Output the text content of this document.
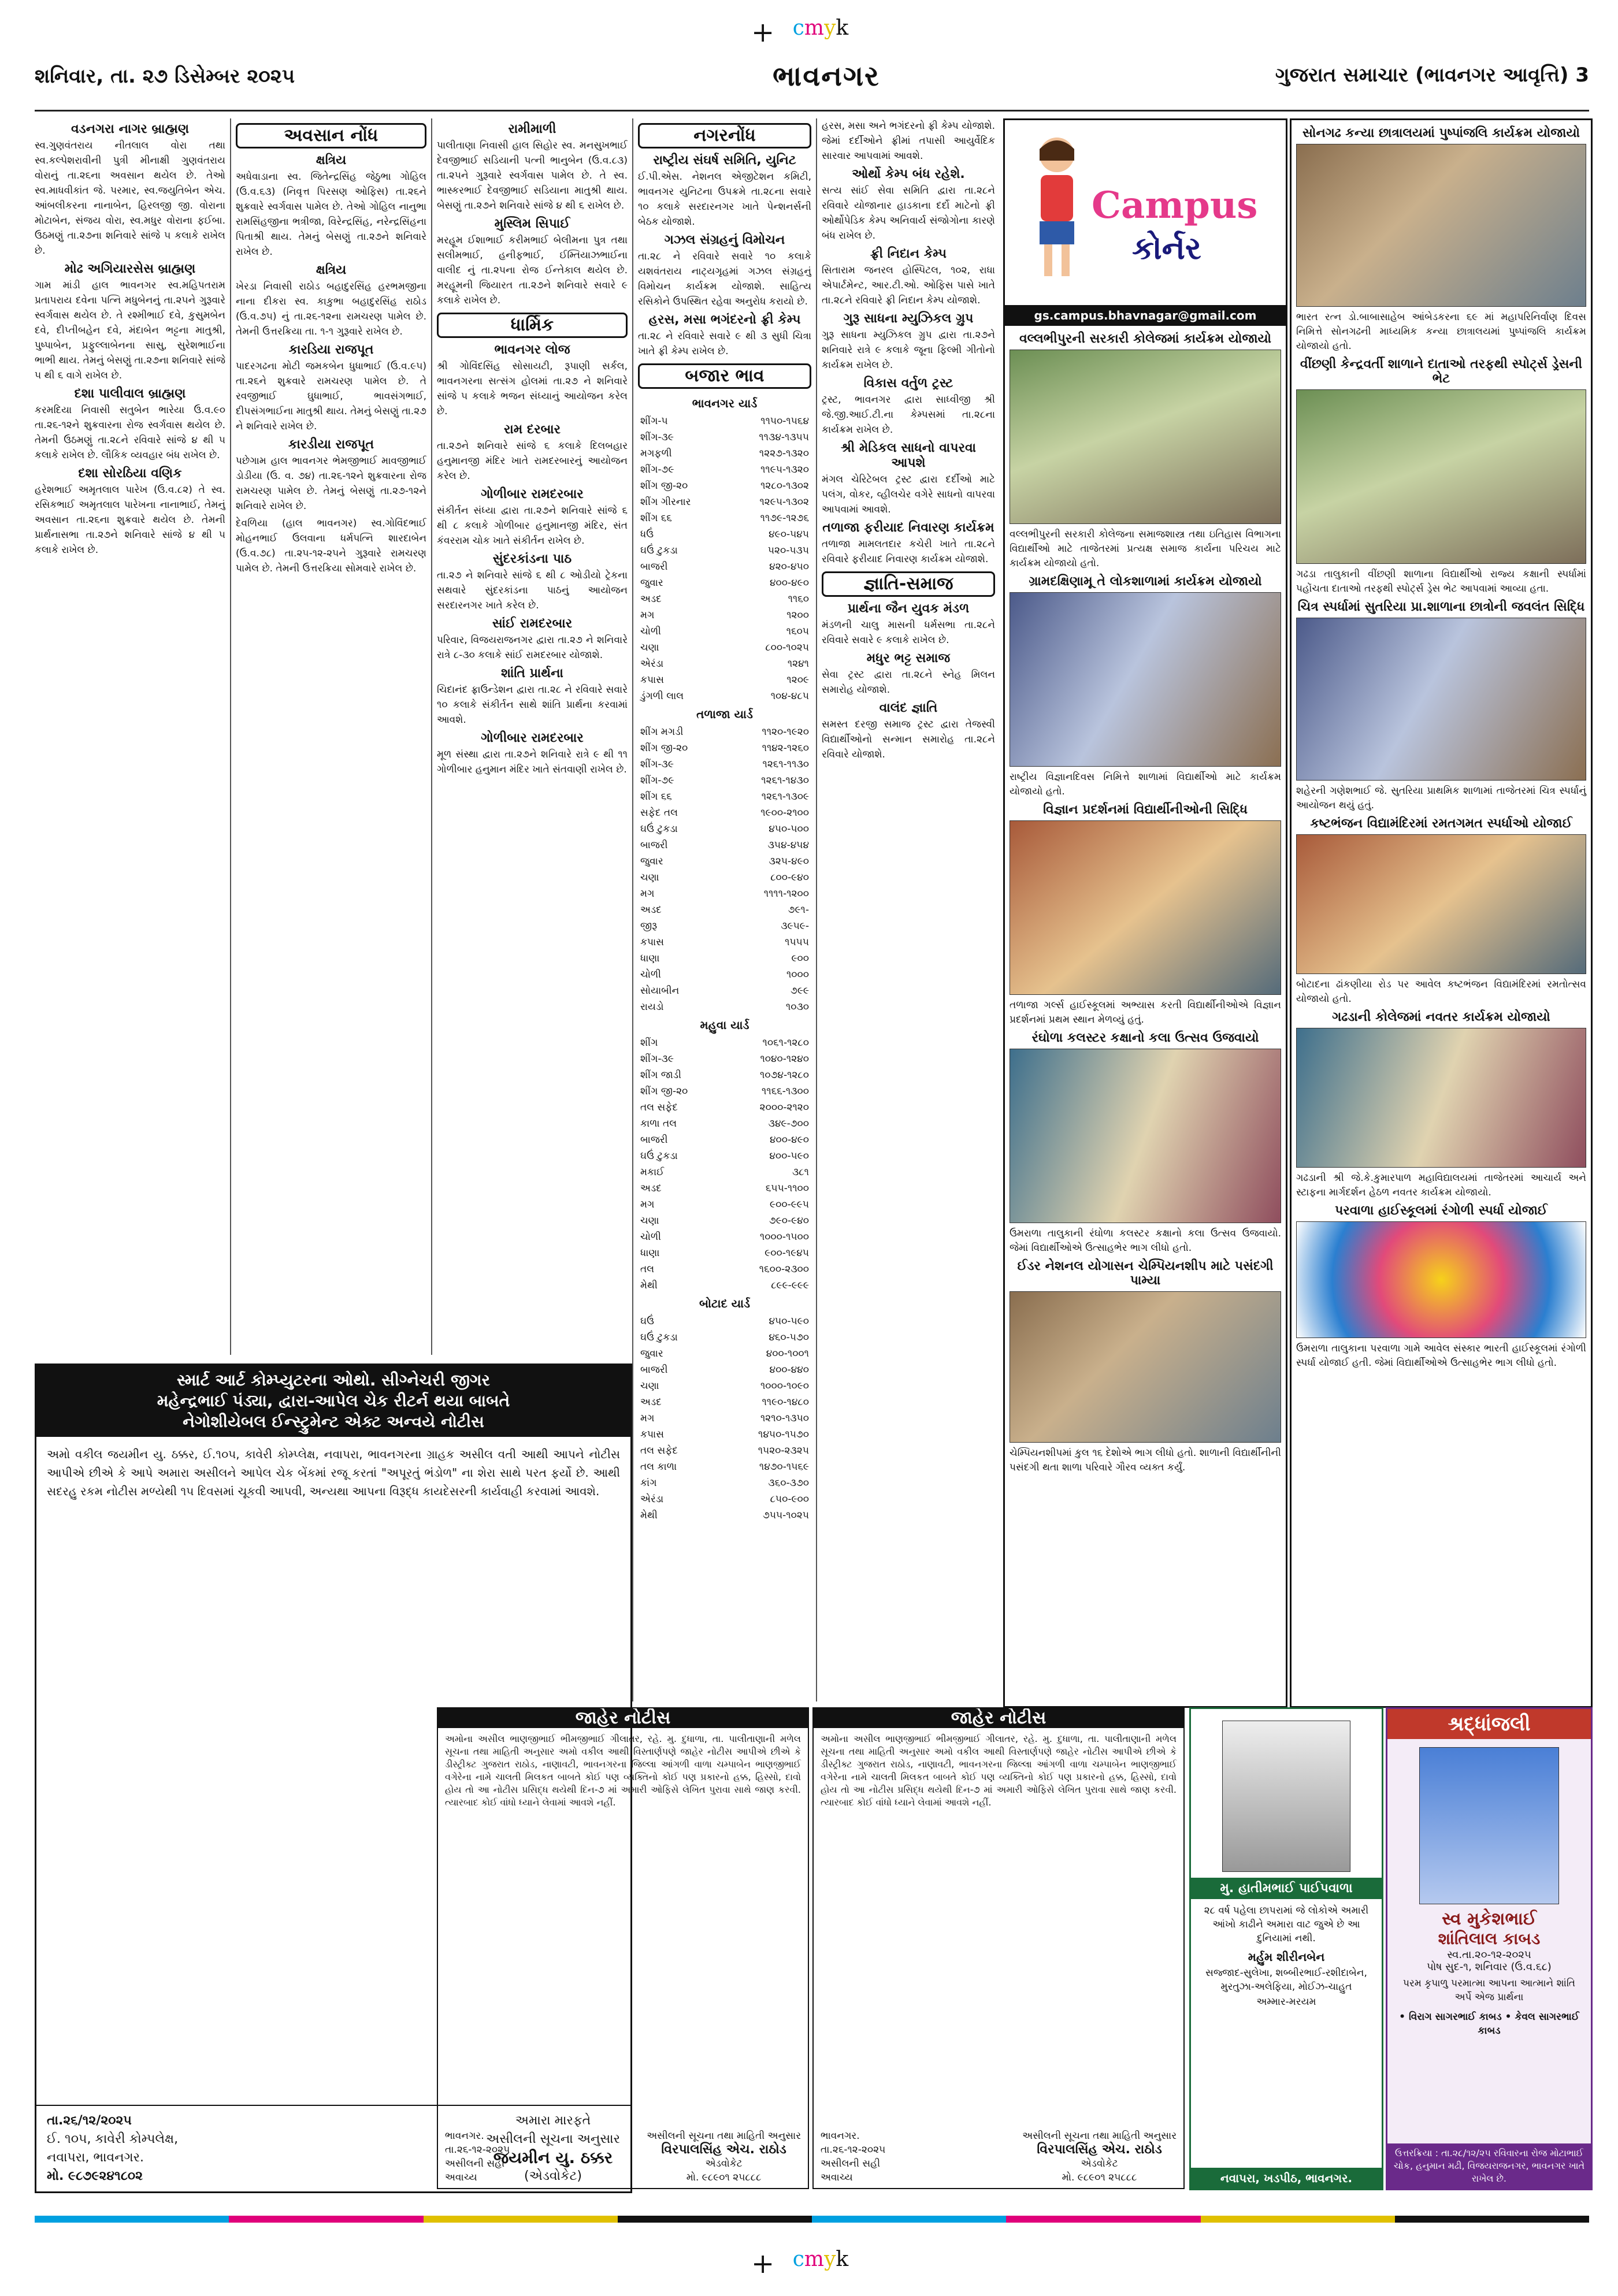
+ cmyk
શનિવાર, તા. ૨૭ ડિસેમ્બર ૨૦૨૫	ભાવનગર	ગુજરાત સમાચાર (ભાવનગર આવૃત્તિ) 3
વડનગરા નાગર બ્રાહ્મણ

સ્વ.ગુણવંતરાય નીતલાલ વોરા તથા સ્વ.કલ્પેશરાવીની પુત્રી મીનાક્ષી ગુણવંતરાય વોરાનું તા.૨૬ના અવસાન થયેલ છે. તેઓ સ્વ.માધવીકાંત જે. પરમાર, સ્વ.જયુતિબેન એચ. આંબલીકરના નાનાબેન, હિરલજી જી. વોરાના મોટાબેન, સંજય વોરા, સ્વ.મધુર વોરાના ફઈબા. ઉઠમણું તા.૨૭ના શનિવારે સાંજે ૫ કલાકે રાખેલ છે.

મોઢ અગિયારસેસ બ્રાહ્મણ

ગામ માંડી હાલ ભાવનગર સ્વ.મહિપતરામ પ્રતાપરાય દવેના પત્નિ મધુબેનનું તા.૨૫ને ગુરૂવારે સ્વર્ગવાસ થયેલ છે. તે રશ્મીભાઈ દવે, કુસુમબેન દવે, દીપ્તીબહેન દવે, મંદાબેન ભટ્ટના માતુશ્રી, પુષ્પાબેન, પ્રફુલ્લાબેનના સાસુ, સુરેશભાઈના ભાભી થાય. તેમનું બેસણું તા.૨૭ના શનિવારે સાંજે ૫ થી ૬ વાગે રાખેલ છે.

દશા પાલીવાલ બ્રાહ્મણ

કરમદિયા નિવાસી સતુબેન ભારેયા ઉ.વ.૯૦ તા.૨૬-૧૨ને શુક્રવારના રોજ સ્વર્ગવાસ થયેલ છે. તેમની ઉઠમણું તા.૨૮ને રવિવારે સાંજે ૪ થી ૫ કલાકે રાખેલ છે. લૌકિક વ્યવહાર બંધ રાખેલ છે.

દશા સોરઠિયા વણિક

હરેશભાઈ અમૃતલાલ પારેખ (ઉ.વ.૮૨) તે સ્વ. રસિકભાઈ અમૃતલાલ પારેખના નાનાભાઈ, તેમનું અવસાન તા.૨૬ના શુક્રવારે થયેલ છે. તેમની પ્રાર્થનાસભા તા.૨૭ને શનિવારે સાંજે ૪ થી ૫ કલાકે રાખેલ છે.

અવસાન નોંધ
ક્ષત્રિય

અધેવાડાના સ્વ. જિતેન્દ્રસિંહ જેઠુભા ગોહિલ (ઉ.વ.૬૩) (નિવૃત્ત પિરસણ ઓફિસ) તા.૨૬ને શુક્રવારે સ્વર્ગવાસ પામેલ છે. તેઓ ગોહિલ નાનુભા રામસિંહજીના ભત્રીજા, વિરેન્દ્રસિંહ, નરેન્દ્રસિંહના પિતાશ્રી થાય. તેમનું બેસણું તા.૨૭ને શનિવારે રાખેલ છે.

ક્ષત્રિય

ખેરડા નિવાસી રાઠોડ બહાદુરસિંહ હરભમજીના નાના દીકરા સ્વ. કાકુભા બહાદુરસિંહ રાઠોડ (ઉ.વ.૭૫) નું તા.૨૬-૧૨ના રામચરણ પામેલ છે. તેમની ઉત્તરક્રિયા તા. ૧-૧ ગુરૂવારે રાખેલ છે.

કારડિયા રાજપૂત

પાદરગઢના મોટી જમકબેન ધુધાભાઈ (ઉ.વ.૯૫) તા.૨૬ને શુક્રવારે રામચરણ પામેલ છે. તે રવજીભાઈ ઘુધાભાઈ, ભાવસંગભાઈ, દીપસંગભાઈના માતુશ્રી થાય. તેમનું બેસણું તા.૨૭ ને શનિવારે રાખેલ છે.

કારડીયા રાજપૂત

પછેગામ હાલ ભાવનગર ભેમજીભાઈ માવજીભાઈ ડોડીયા (ઉ. વ. ૭૪) તા.૨૬-૧૨ને શુક્રવારના રોજ રામચરણ પામેલ છે. તેમનું બેસણું તા.૨૭-૧૨ને શનિવારે રાખેલ છે.

દેવળિયા (હાલ ભાવનગર) સ્વ.ગોવિંદભાઈ મોહનભાઈ ઉલવાના ધર્મપત્નિ શારદાબેન (ઉ.વ.૭૮) તા.૨૫-૧૨-૨૫ને ગુરૂવારે રામચરણ પામેલ છે. તેમની ઉત્તરક્રિયા સોમવારે રાખેલ છે.

રામીમાળી

પાલીતાણા નિવાસી હાલ સિહોર સ્વ. મનસુખભાઈ દેવજીભાઈ સડિયાની પત્ની ભાનુબેન (ઉ.વ.૮૩) તા.૨૫ને ગુરૂવારે સ્વર્ગવાસ પામેલ છે. તે સ્વ. ભાસ્કરભાઈ દેવજીભાઈ સડિયાના માતુશ્રી થાય. બેસણું તા.૨૭ને શનિવારે સાંજે ૪ થી ૬ રાખેલ છે.

મુસ્લિમ સિપાઈ

મરહૂમ ઈશાભાઈ કરીમભાઈ બેલીમના પુત્ર તથા સલીમભાઈ, હનીફભાઈ, ઈમ્તિયાઝભાઈના વાલીદ નું તા.૨૫ના રોજ ઈન્તેકાલ થયેલ છે. મરહૂમની જિયારત તા.૨૭ને શનિવારે સવારે ૯ કલાકે રાખેલ છે.

ધાર્મિક
ભાવનગર લોજ

શ્રી ગોવિંદસિંહ સોસાયટી, રૂપાણી સર્કલ, ભાવનગરના સત્સંગ હોલમાં તા.૨૭ ને શનિવારે સાંજે ૫ કલાકે ભજન સંધ્યાનું આયોજન કરેલ છે.

રામ દરબાર

તા.૨૭ને શનિવારે સાંજે ૬ કલાકે દિલબહાર હનુમાનજી મંદિર ખાતે રામદરબારનું આયોજન કરેલ છે.

ગોળીબાર રામદરબાર

સંકીર્તન સંધ્યા દ્વારા તા.૨૭ને શનિવારે સાંજે ૬ થી ૮ કલાકે ગોળીબાર હનુમાનજી મંદિર, સંત કંવરરામ ચોક ખાતે સંકીર્તન રાખેલ છે.

સુંદરકાંડના પાઠ

તા.૨૭ ને શનિવારે સાંજે ૬ થી ૮ ઓડીયો ટ્રેકના સથવારે સુંદરકાંડના પાઠનું આયોજન સરદારનગર ખાતે કરેલ છે.

સાંઈ રામદરબાર

પરિવાર, વિજયરાજનગર દ્વારા તા.૨૭ ને શનિવારે રાત્રે ૮-૩૦ કલાકે સાંઈ રામદરબાર યોજાશે.

શાંતિ પ્રાર્થના

ચિદાનંદ ફ્રાઉન્ડેશન દ્વારા તા.૨૮ ને રવિવારે સવારે ૧૦ કલાકે સંકીર્તન સાથે શાંતિ પ્રાર્થના કરવામાં આવશે.

ગોળીબાર રામદરબાર

મૂળ સંસ્થા દ્વારા તા.૨૭ને શનિવારે રાત્રે ૯ થી ૧૧ ગોળીબાર હનુમાન મંદિર ખાતે સંતવાણી રાખેલ છે.

નગરનોંધ
રાષ્ટ્રીય સંઘર્ષ સમિતિ, યુનિટ

ઈ.પી.એસ. નેશનલ એજીટેશન કમિટી, ભાવનગર યુનિટના ઉપક્રમે તા.૨૮ના સવારે ૧૦ કલાકે સરદારનગર ખાતે પેન્શનર્સની બેઠક યોજાશે.

ગઝલ સંગ્રહનું વિમોચન

તા.૨૮ ને રવિવારે સવારે ૧૦ કલાકે યશવંતરાય નાટ્યગૃહમાં ગઝલ સંગ્રહનું વિમોચન કાર્યક્રમ યોજાશે. સાહિત્ય રસિકોને ઉપસ્થિત રહેવા અનુરોધ કરાયો છે.

હરસ, મસા ભગંદરનો ફ્રી કેમ્પ

તા.૨૮ ને રવિવારે સવારે ૯ થી ૩ સુધી ચિત્રા ખાતે ફ્રી કેમ્પ રાખેલ છે.

બજાર ભાવ
ભાવનગર યાર્ડ
શીંગ-૫	૧૧૫૦-૧૫૬૪
શીંગ-૩૯	૧૧૩૪-૧૩૫૫
મગફળી	૧૨૨૭-૧૩૨૦
શીંગ-૭૯	૧૧૯૫-૧૩૨૦
શીંગ જી-૨૦	૧૨૮૦-૧૩૦૨
શીંગ ગીરનાર	૧૨૯૫-૧૩૦૨
શીંગ ૬૬	૧૧૭૯-૧૨૭૬
ધઉં	૪૯૦-૫૪૫
ઘઉં ટુકડા	૫૨૦-૫૩૫
બાજરી	૪૨૦-૪૫૦
જુવાર	૪૦૦-૪૯૦
અડદ	૧૧૬૦
મગ	૧૨૦૦
ચોળી	૧૬૦૫
ચણા	૮૦૦-૧૦૨૫
એરંડા	૧૨૪૧
કપાસ	૧૨૦૯
ડુંગળી લાલ	૧૦૪-૪૮૫
તળાજા યાર્ડ
શીંગ મગડી	૧૧૨૦-૧૯૨૦
શીંગ જી-૨૦	૧૧૪૨-૧૨૬૦
શીંગ-૩૯	૧૨૬૧-૧૧૩૦
શીંગ-૭૯	૧૨૬૧-૧૪૩૦
શીંગ ૬૬	૧૨૬૧-૧૩૦૯
સફેદ તલ	૧૯૦૦-૨૧૦૦
ઘઉં ટુકડા	૪૫૦-૫૦૦
બાજરી	૩૫૪-૪૫૪
જુવાર	૩૨૫-૪૯૦
ચણા	૮૦૦-૯૪૦
મગ	૧૧૧૧-૧૨૦૦
અડદ	૭૯૧-
જીરૂ	૩૯૫૯-
કપાસ	૧૫૫૫
ધાણા	૯૦૦
ચોળી	૧૦૦૦
સોયાબીન	૭૯૯
રાયડો	૧૦૩૦
મહુવા યાર્ડ
શીંગ	૧૦૬૧-૧૨૮૦
શીંગ-૩૯	૧૦૪૦-૧૨૪૦
શીંગ જાડી	૧૦૭૪-૧૨૮૦
શીંગ જી-૨૦	૧૧૬૬-૧૩૦૦
તલ સફેદ	૨૦૦૦-૨૧૨૦
કાળા તલ	૩૪૯-૭૦૦
બાજરી	૪૦૦-૪૯૦
ઘઉં ટુકડા	૪૦૦-૫૯૦
મકાઈ	૩૮૧
અડદ	૬૫૫-૧૧૦૦
મગ	૯૦૦-૯૯૫
ચણા	૭૯૦-૯૪૦
ચોળી	૧૦૦૦-૧૫૦૦
ધાણા	૯૦૦-૧૯૪૫
તલ	૧૬૦૦-૨૩૦૦
મેથી	૮૯૯-૯૯૯
બોટાદ યાર્ડ
ઘઉં	૪૫૦-૫૯૦
ઘઉં ટુકડા	૪૬૦-૫૭૦
જુવાર	૪૦૦-૧૦૦૧
બાજરી	૪૦૦-૪૪૦
ચણા	૧૦૦૦-૧૦૯૦
અડદ	૧૧૯૦-૧૪૮૦
મગ	૧૨૧૦-૧૩૫૦
કપાસ	૧૪૫૦-૧૫૭૦
તલ સફેદ	૧૫૨૦-૨૩૨૫
તલ કાળા	૧૪૭૦-૧૫૬૯
કાંગ	૩૬૦-૩૭૦
એરંડા	૮૫૦-૯૦૦
મેથી	૭૫૫-૧૦૨૫

હરસ, મસા અને ભગંદરનો ફ્રી કેમ્પ યોજાશે. જેમાં દર્દીઓને ફ્રીમાં તપાસી આયુર્વેદિક સારવાર આપવામાં આવશે.

ઓર્થો કેમ્પ બંધ રહેશે.

સત્ય સાંઈ સેવા સમિતિ દ્વારા તા.૨૮ને રવિવારે યોજાનાર હાડકાના દર્દો માટેનો ફ્રી ઓર્થોપેડિક કેમ્પ અનિવાર્ય સંજોગોના કારણે બંધ રાખેલ છે.

ફ્રી નિદાન કેમ્પ

સિતારામ જનરલ હોસ્પિટલ, ૧૦૨, રાધા એપાર્ટમેન્ટ, આર.ટી.ઓ. ઓફિસ પાસે ખાતે તા.૨૮ને રવિવારે ફ્રી નિદાન કેમ્પ યોજાશે.

ગુરૂ સાધના મ્યુઝિકલ ગ્રુપ

ગુરૂ સાધના મ્યુઝિકલ ગ્રુપ દ્વારા તા.૨૭ને શનિવારે રાત્રે ૯ કલાકે જૂના ફિલ્મી ગીતોનો કાર્યક્રમ રાખેલ છે.

વિકાસ વર્તુળ ટ્રસ્ટ

ટ્રસ્ટ, ભાવનગર દ્વારા સાધ્વીજી શ્રી જે.જી.આઈ.ટી.ના કેમ્પસમાં તા.૨૮ના કાર્યક્રમ રાખેલ છે.

શ્રી મેડિકલ સાધનો વાપરવા આપશે

મંગલ ચેરિટેબલ ટ્રસ્ટ દ્વારા દર્દીઓ માટે પલંગ, વોકર, વ્હીલચેર વગેરે સાધનો વાપરવા આપવામાં આવશે.

તળાજા ફરીયાદ નિવારણ કાર્યક્રમ

તળાજા મામલતદાર કચેરી ખાતે તા.૨૮ને રવિવારે ફરીયાદ નિવારણ કાર્યક્રમ યોજાશે.

જ્ઞાતિ-સમાજ
પ્રાર્થના જૈન યુવક મંડળ

મંડળની ચાલુ માસની ધર્મસભા તા.૨૮ને રવિવારે સવારે ૯ કલાકે રાખેલ છે.

મધુર ભટ્ટ સમાજ

સેવા ટ્રસ્ટ દ્વારા તા.૨૮ને સ્નેહ મિલન સમારોહ યોજાશે.

વાલંદ જ્ઞાતિ

સમસ્ત દરજી સમાજ ટ્રસ્ટ દ્વારા તેજસ્વી વિદ્યાર્થીઓનો સન્માન સમારોહ તા.૨૮ને રવિવારે યોજાશે.

Campus
કોર્નર
gs.campus.bhavnagar@gmail.com
વલ્લભીપુરની સરકારી કોલેજમાં કાર્યક્રમ યોજાયો

વલ્લભીપુરની સરકારી કોલેજના સમાજશાસ્ત્ર તથા ઇતિહાસ વિભાગના વિદ્યાર્થીઓ માટે તાજેતરમાં પ્રત્યક્ષ સમાજ કાર્યના પરિચય માટે કાર્યક્રમ યોજાયો હતો.

ગ્રામદક્ષિણામૂ તે લોકશાળામાં કાર્યક્રમ યોજાયો

રાષ્ટ્રીય વિજ્ઞાનદિવસ નિમિત્તે શાળામાં વિદ્યાર્થીઓ માટે કાર્યક્રમ યોજાયો હતો.

વિજ્ઞાન પ્રદર્શનમાં વિદ્યાર્થીનીઓની સિદ્ધિ

તળાજા ગર્લ્સ હાઈસ્કૂલમાં અભ્યાસ કરતી વિદ્યાર્થીનીઓએ વિજ્ઞાન પ્રદર્શનમાં પ્રથમ સ્થાન મેળવ્યું હતું.

રંઘોળા કલસ્ટર કક્ષાનો કલા ઉત્સવ ઉજવાયો

ઉમરાળા તાલુકાની રંઘોળા કલસ્ટર કક્ષાનો કલા ઉત્સવ ઉજવાયો. જેમાં વિદ્યાર્થીઓએ ઉત્સાહભેર ભાગ લીધો હતો.

ઈડર નેશનલ યોગાસન ચેમ્પિયનશીપ માટે પસંદગી પામ્યા

ચેમ્પિયનશીપમાં કુલ ૧૬ દેશોએ ભાગ લીધો હતો. શાળાની વિદ્યાર્થીનીની પસંદગી થતા શાળા પરિવારે ગૌરવ વ્યક્ત કર્યું.

સોનગઢ કન્યા છાત્રાલયમાં પુષ્પાંજલિ કાર્યક્રમ યોજાયો

ભારત રત્ન ડો.બાબાસાહેબ આંબેડકરના ૬૯ માં મહાપરિનિર્વાણ દિવસ નિમિત્તે સોનગઢની માધ્યમિક કન્યા છાત્રાલયમાં પુષ્પાંજલિ કાર્યક્રમ યોજાયો હતો.

વીંછણી કેન્દ્રવર્તી શાળાને દાતાઓ તરફથી સ્પોર્ટ્સ ડ્રેસની ભેટ

ગઢડા તાલુકાની વીંછણી શાળાના વિદ્યાર્થીઓ રાજ્ય કક્ષાની સ્પર્ધામાં પહોંચતા દાતાઓ તરફથી સ્પોર્ટ્સ ડ્રેસ ભેટ આપવામાં આવ્યા હતા.

ચિત્ર સ્પર્ધામાં સુતરિયા પ્રા.શાળાના છાત્રોની જવલંત સિદ્ધિ

શહેરની ગણેશભાઈ જે. સુતરિયા પ્રાથમિક શાળામાં તાજેતરમાં ચિત્ર સ્પર્ધાનું આયોજન થયું હતું.

કષ્ટભંજન વિદ્યામંદિરમાં રમતગમત સ્પર્ધાઓ યોજાઈ

બોટાદના ઢાંકણીયા રોડ પર આવેલ કષ્ટભંજન વિદ્યામંદિરમાં રમતોત્સવ યોજાયો હતો.

ગઢડાની કોલેજમાં નવતર કાર્યક્રમ યોજાયો

ગઢડાની શ્રી જે.કે.કુમારપાળ મહાવિદ્યાલયમાં તાજેતરમાં આચાર્ય અને સ્ટાફના માર્ગદર્શન હેઠળ નવતર કાર્યક્રમ યોજાયો.

પરવાળા હાઈસ્કૂલમાં રંગોળી સ્પર્ધા યોજાઈ

ઉમરાળા તાલુકાના પરવાળા ગામે આવેલ સંસ્કાર ભારતી હાઈસ્કૂલમાં રંગોળી સ્પર્ધા યોજાઈ હતી. જેમાં વિદ્યાર્થીઓએ ઉત્સાહભેર ભાગ લીધો હતો.

સ્માર્ટ આર્ટ કોમ્પ્યુટરના ઓથો. સીગ્નેચરી જીગર
મહેન્દ્રભાઈ પંડ્યા, દ્વારા-આપેલ ચેક રીટર્ન થયા બાબતે
નેગોશીયેબલ ઈન્સ્ટ્રુમેન્ટ એક્ટ અન્વયે નોટીસ
અમો વકીલ જયમીન યુ. ઠક્કર, ઈ.૧૦૫, કાવેરી કોમ્પ્લેક્ષ, નવાપરા, ભાવનગરના ગ્રાહક અસીલ વતી આથી આપને નોટીસ આપીએ છીએ કે આપે અમારા અસીલને આપેલ ચેક બેંકમાં રજૂ કરતાં "અપૂરતું ભંડોળ" ના શેરા સાથે પરત ફર્યો છે. આથી સદરહુ રકમ નોટીસ મળ્યેથી ૧૫ દિવસમાં ચૂકવી આપવી, અન્યથા આપના વિરૂદ્ધ કાયદેસરની કાર્યવાહી કરવામાં આવશે.
તા.૨૬/૧૨/૨૦૨૫
ઈ. ૧૦૫, કાવેરી કોમ્પલેક્ષ,
નવાપરા, ભાવનગર.
મો. ૯૮૭૯૨૪૧૮૦૨
અમારા મારફતે
અસીલની સૂચના અનુસાર
જયમીન યુ. ઠક્કર
(એડવોકેટ)
જાહેર નોટીસ
અમોના અસીલ ભાણજીભાઈ ભીમજીભાઈ ગીલાતર, રહે. મુ. દુધાળા, તા. પાલીતાણાની મળેલ સૂચના તથા માહિતી અનુસાર અમો વકીલ આથી વિસ્તાર્ણપણે જાહેર નોટીસ આપીએ છીએ કે ડીસ્ટ્રીક્ટ ગુજરાત રાઠોડ, નાણાવટી, ભાવનગરના જિલ્લા આંગળી વાળા ચમ્પાબેન ભાણજીભાઈ વગેરેના નામે ચાલતી મિલકત બાબતે કોઈ પણ વ્યક્તિનો કોઈ પણ પ્રકારનો હક્ક, હિસ્સો, દાવો હોય તો આ નોટીસ પ્રસિદ્ધ થયેથી દિન-૭ માં અમારી ઓફિસે લેખિત પુરાવા સાથે જાણ કરવી. ત્યારબાદ કોઈ વાંધો ધ્યાને લેવામાં આવશે નહીં.
ભાવનગર.
તા.૨૬-૧૨-૨૦૨૫
અસીલની સહી
અવાચ્ય
અસીલની સૂચના તથા માહિતી અનુસાર
વિરપાલસિંહ એચ. રાઠોડ
એડવોકેટ
મો. ૯૮૯૦૧ ૨૫૮૮૮
જાહેર નોટીસ
અમોના અસીલ ભાણજીભાઈ ભીમજીભાઈ ગીલાતર, રહે. મુ. દુધાળા, તા. પાલીતાણાની મળેલ સૂચના તથા માહિતી અનુસાર અમો વકીલ આથી વિસ્તાર્ણપણે જાહેર નોટીસ આપીએ છીએ કે ડીસ્ટ્રીક્ટ ગુજરાત રાઠોડ, નાણાવટી, ભાવનગરના જિલ્લા આંગળી વાળા ચમ્પાબેન ભાણજીભાઈ વગેરેના નામે ચાલતી મિલકત બાબતે કોઈ પણ વ્યક્તિનો કોઈ પણ પ્રકારનો હક્ક, હિસ્સો, દાવો હોય તો આ નોટીસ પ્રસિદ્ધ થયેથી દિન-૭ માં અમારી ઓફિસે લેખિત પુરાવા સાથે જાણ કરવી. ત્યારબાદ કોઈ વાંધો ધ્યાને લેવામાં આવશે નહીં.
ભાવનગર.
તા.૨૬-૧૨-૨૦૨૫
અસીલની સહી
અવાચ્ય
અસીલની સૂચના તથા માહિતી અનુસાર
વિરપાલસિંહ એચ. રાઠોડ
એડવોકેટ
મો. ૯૮૯૦૧ ૨૫૮૮૮
મુ. હાતીમભાઈ પાઈપવાળા
૨૮ વર્ષ પહેલા છાપરામાં જે લોકોએ અમારી આંખો કાઢીને અમારા વાટ જુએ છે આ દુનિયામાં નથી.
મર્હુમ શીરીનબેન
સજ્જાદ-સુલેખા, શબ્બીરભાઈ-રશીદાબેન, મુરતુઝા-અલેફિયા, મોઈઝ-ચાહુત
અમ્માર-મરયમ
નવાપરા, ખડપીઠ, ભાવનગર.
શ્રદ્ધાંજલી
સ્વ મુકેશભાઈ
શાંતિલાલ કાબડ
સ્વ.તા.૨૦-૧૨-૨૦૨૫
પોષ સુદ-૧, શનિવાર (ઉ.વ.૬૮)
પરમ કૃપાળુ પરમાત્મા આપના આત્માને શાંતિ અર્પે એજ પ્રાર્થના
• વિરાગ સાગરભાઈ કાબડ • કેવલ સાગરભાઈ કાબડ
ઉત્તરક્રિયા : તા.૨૮/૧૨/૨૫ રવિવારના રોજ મોટાભાઈ ચોક, હનુમાન મઢી, વિજયરાજનગર, ભાવનગર ખાતે રાખેલ છે.
+ cmyk
